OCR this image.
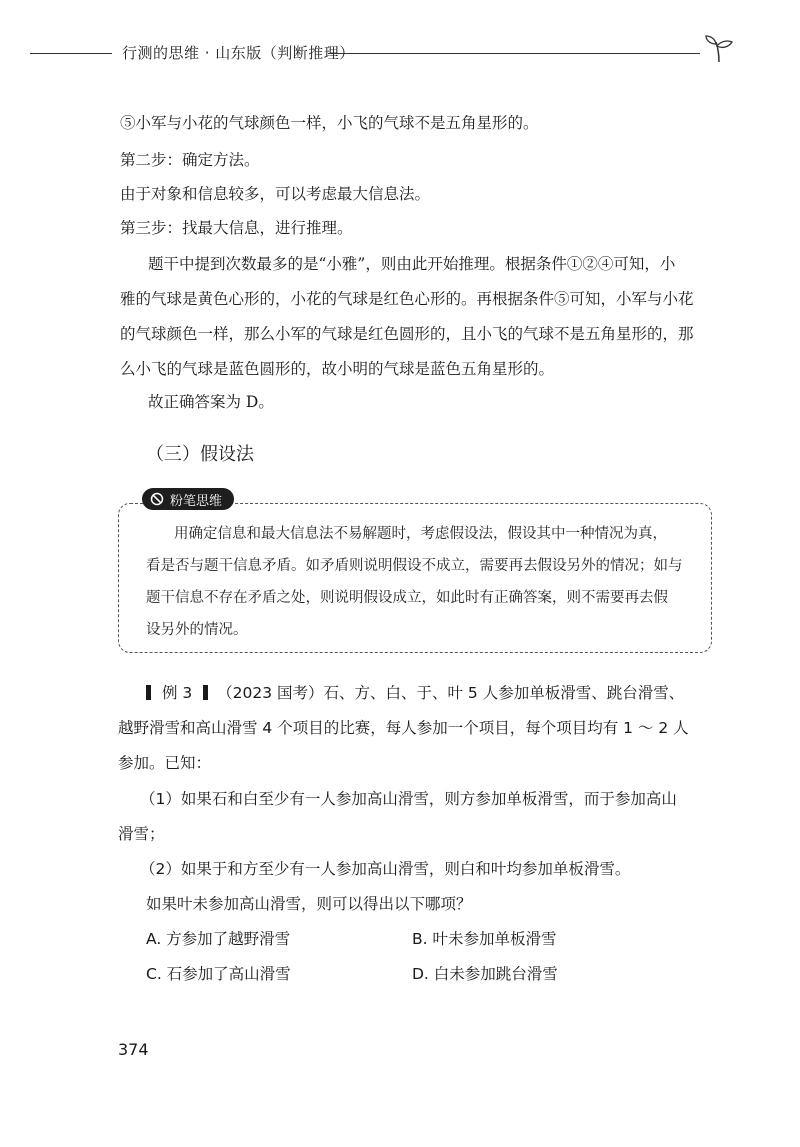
行测的思维 · 山东版（判断推理）
⑤小军与小花的气球颜色一样，小飞的气球不是五角星形的。
第二步：确定方法。
由于对象和信息较多，可以考虑最大信息法。
第三步：找最大信息，进行推理。
题干中提到次数最多的是“小雅”，则由此开始推理。根据条件①②④可知，小
雅的气球是黄色心形的，小花的气球是红色心形的。再根据条件⑤可知，小军与小花
的气球颜色一样，那么小军的气球是红色圆形的，且小飞的气球不是五角星形的，那
么小飞的气球是蓝色圆形的，故小明的气球是蓝色五角星形的。
故正确答案为 D。
（三）假设法
粉笔思维
用确定信息和最大信息法不易解题时，考虑假设法，假设其中一种情况为真，
看是否与题干信息矛盾。如矛盾则说明假设不成立，需要再去假设另外的情况；如与
题干信息不存在矛盾之处，则说明假设成立，如此时有正确答案，则不需要再去假
设另外的情况。
例 3 （2023 国考）石、方、白、于、叶 5 人参加单板滑雪、跳台滑雪、
越野滑雪和高山滑雪 4 个项目的比赛，每人参加一个项目，每个项目均有 1 ～ 2 人
参加。已知：
（1）如果石和白至少有一人参加高山滑雪，则方参加单板滑雪，而于参加高山
滑雪；
（2）如果于和方至少有一人参加高山滑雪，则白和叶均参加单板滑雪。
如果叶未参加高山滑雪，则可以得出以下哪项？
A. 方参加了越野滑雪	B. 叶未参加单板滑雪
C. 石参加了高山滑雪	D. 白未参加跳台滑雪
374
